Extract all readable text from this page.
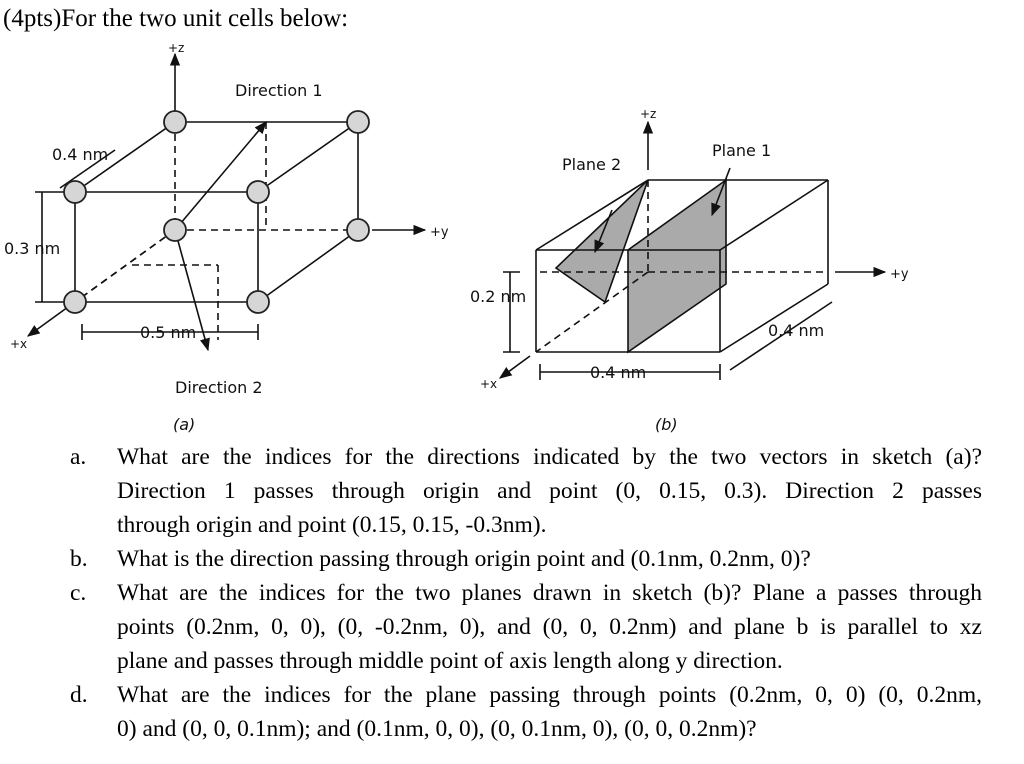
(4pts)For the two unit cells below:
+z
Direction 1
0.4 nm
+y
0.3 nm
+x
0.5 nm
Direction 2
(a)
+z
Plane 1
Plane 2
+y
0.2 nm
0.4 nm
0.4 nm
+x
(b)
a.	What are the indices for the directions indicated by the two vectors in sketch (a)?
Direction 1 passes through origin and point (0, 0.15, 0.3). Direction 2 passes
through origin and point (0.15, 0.15, -0.3nm).
b.	What is the direction passing through origin point and (0.1nm, 0.2nm, 0)?
c.	What are the indices for the two planes drawn in sketch (b)? Plane a passes through
points (0.2nm, 0, 0), (0, -0.2nm, 0), and (0, 0, 0.2nm) and plane b is parallel to xz
plane and passes through middle point of axis length along y direction.
d.	What are the indices for the plane passing through points (0.2nm, 0, 0) (0, 0.2nm,
0) and (0, 0, 0.1nm); and (0.1nm, 0, 0), (0, 0.1nm, 0), (0, 0, 0.2nm)?
